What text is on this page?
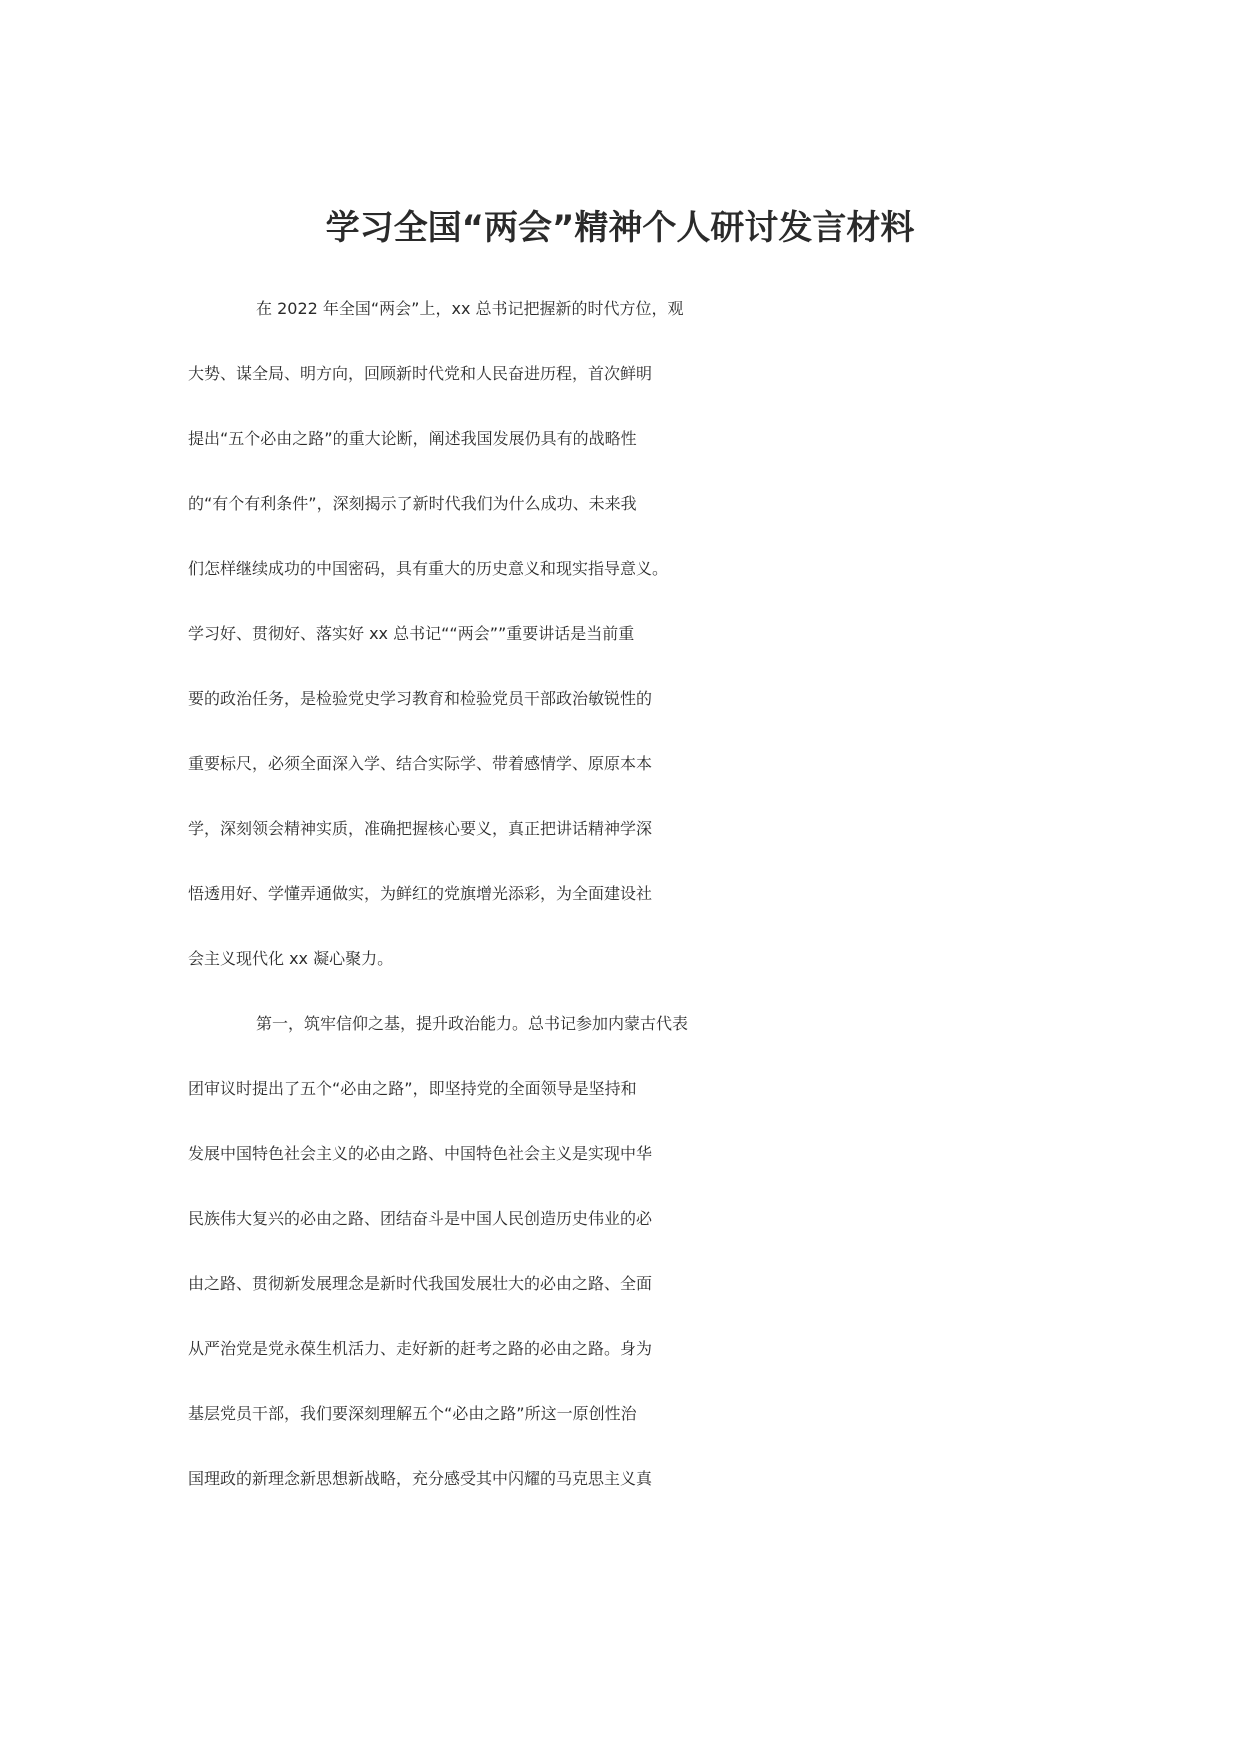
学习全国“两会”精神个人研讨发言材料
在 2022 年全国“两会”上，xx 总书记把握新的时代方位，观
大势、谋全局、明方向，回顾新时代党和人民奋进历程，首次鲜明
提出“五个必由之路”的重大论断，阐述我国发展仍具有的战略性
的“有个有利条件”，深刻揭示了新时代我们为什么成功、未来我
们怎样继续成功的中国密码，具有重大的历史意义和现实指导意义。
学习好、贯彻好、落实好 xx 总书记““两会””重要讲话是当前重
要的政治任务，是检验党史学习教育和检验党员干部政治敏锐性的
重要标尺，必须全面深入学、结合实际学、带着感情学、原原本本
学，深刻领会精神实质，准确把握核心要义，真正把讲话精神学深
悟透用好、学懂弄通做实，为鲜红的党旗增光添彩，为全面建设社
会主义现代化 xx 凝心聚力。
第一，筑牢信仰之基，提升政治能力。总书记参加内蒙古代表
团审议时提出了五个“必由之路”，即坚持党的全面领导是坚持和
发展中国特色社会主义的必由之路、中国特色社会主义是实现中华
民族伟大复兴的必由之路、团结奋斗是中国人民创造历史伟业的必
由之路、贯彻新发展理念是新时代我国发展壮大的必由之路、全面
从严治党是党永葆生机活力、走好新的赶考之路的必由之路。身为
基层党员干部，我们要深刻理解五个“必由之路”所这一原创性治
国理政的新理念新思想新战略，充分感受其中闪耀的马克思主义真
